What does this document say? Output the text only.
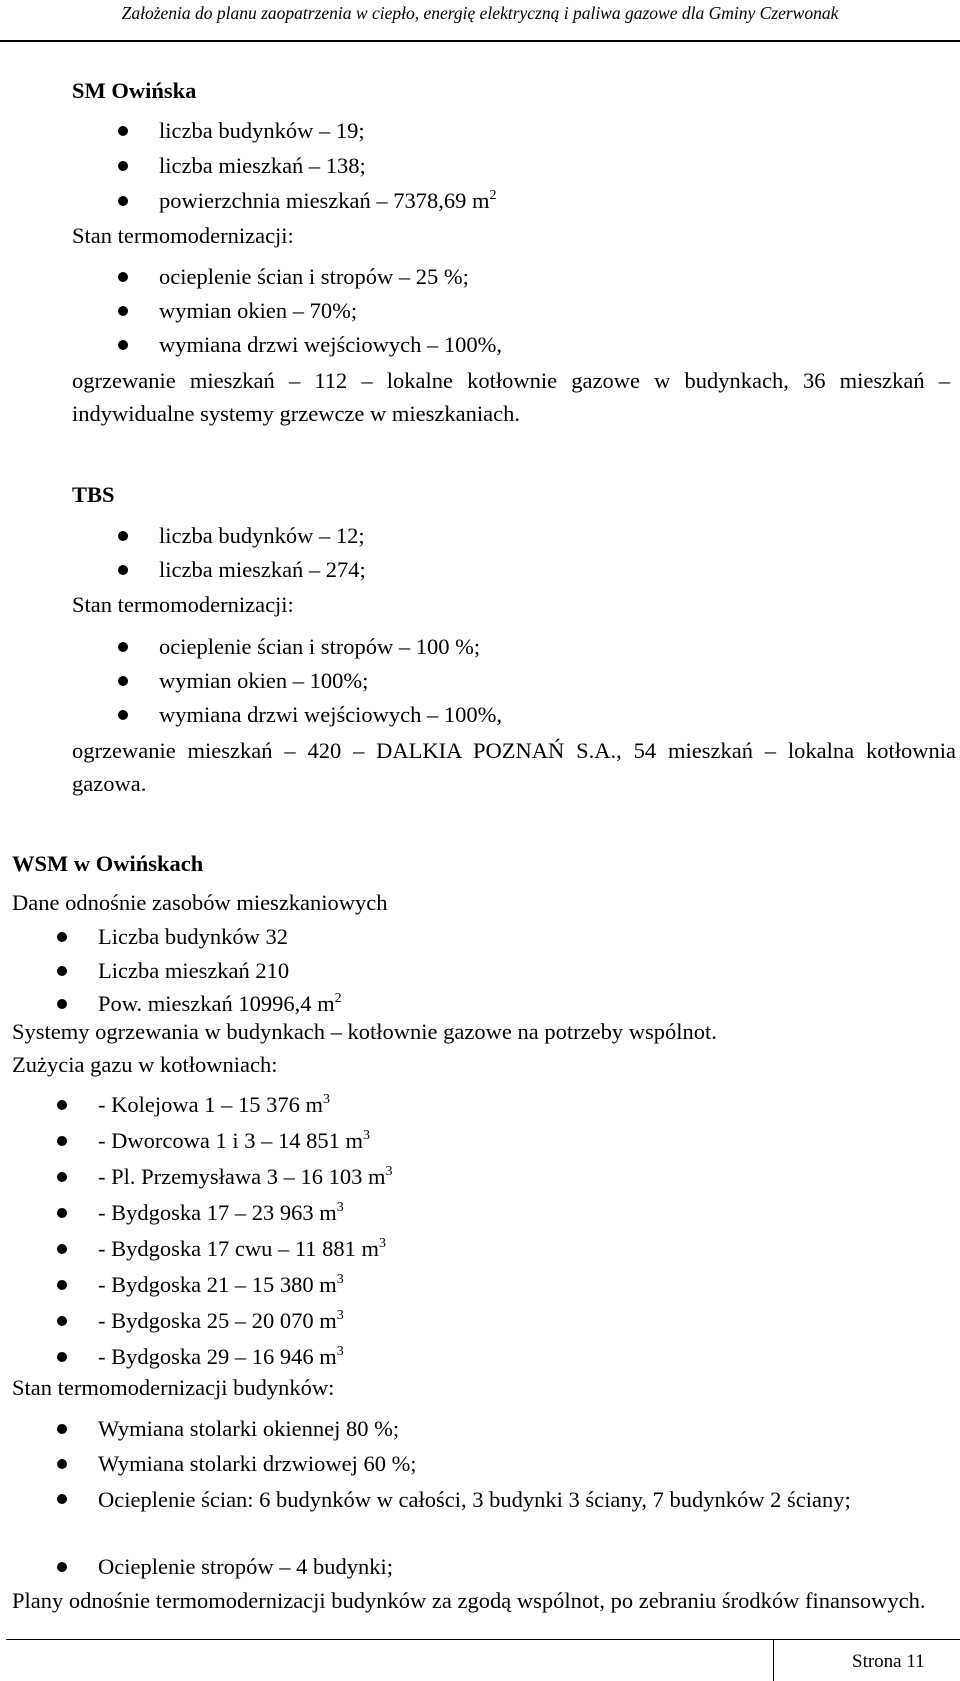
Założenia do planu zaopatrzenia w ciepło, energię elektryczną i paliwa gazowe dla Gminy Czerwonak
SM Owińska
liczba budynków – 19;
liczba mieszkań – 138;
powierzchnia mieszkań – 7378,69 $m^2$
Stan termomodernizacji:
ocieplenie ścian i stropów – 25 %;
wymian okien – 70%;
wymiana drzwi wejściowych – 100%,
ogrzewanie mieszkań – 112 – lokalne kotłownie gazowe w budynkach, 36 mieszkań – indywidualne systemy grzewcze w mieszkaniach.
TBS
liczba budynków – 12;
liczba mieszkań – 274;
Stan termomodernizacji:
ocieplenie ścian i stropów – 100 %;
wymian okien – 100%;
wymiana drzwi wejściowych – 100%,
ogrzewanie mieszkań – 420 – DALKIA POZNAŃ S.A., 54 mieszkań – lokalna kotłownia gazowa.
WSM w Owińskach
Dane odnośnie zasobów mieszkaniowych
Liczba budynków 32
Liczba mieszkań 210
Pow. mieszkań 10996,4 $m^2$
Systemy ogrzewania w budynkach – kotłownie gazowe na potrzeby wspólnot.
Zużycia gazu w kotłowniach:
- Kolejowa 1 – 15 376 $m^3$
- Dworcowa 1 i 3 – 14 851 $m^3$
- Pl. Przemysława 3 – 16 103 $m^3$
- Bydgoska 17 – 23 963 $m^3$
- Bydgoska 17 cwu – 11 881 $m^3$
- Bydgoska 21 – 15 380 $m^3$
- Bydgoska 25 – 20 070 $m^3$
- Bydgoska 29 – 16 946 $m^3$
Stan termomodernizacji budynków:
Wymiana stolarki okiennej 80 %;
Wymiana stolarki drzwiowej 60 %;
Ocieplenie ścian: 6 budynków w całości, 3 budynki 3 ściany, 7 budynków 2 ściany;
Ocieplenie stropów – 4 budynki;
Plany odnośnie termomodernizacji budynków za zgodą wspólnot, po zebraniu środków finansowych.
Strona 11
